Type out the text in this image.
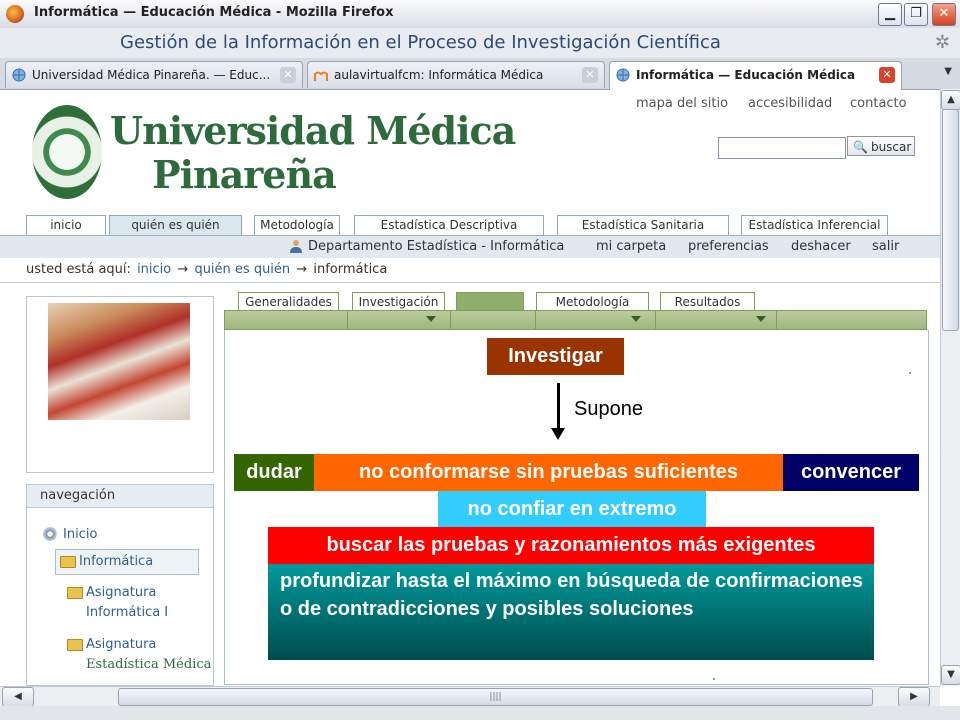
Informática — Educación Médica - Mozilla Firefox	▁	❐	✕
Gestión de la Información en el Proceso de Investigación Científica	✲
Universidad Médica Pinareña. — Educ...	✕	aulavirtualfcm: Informática Médica	✕	Informática — Educación Médica	✕	▼
mapa del sitio accesibilidad contacto
🔍 buscar
Universidad Médica
Pinareña
inicio	quién es quién	Metodología	Estadística Descriptiva	Estadística Sanitaria	Estadística Inferencial
Departamento Estadística - Informática mi carpeta preferencias deshacer salir
usted está aquí: inicio → quién es quién → informática
navegación
Inicio
Informática
Asignatura
Informática I
Asignatura
Estadística Médica
Generalidades	Investigación	Metodología	Resultados
Investigar
Supone
dudar	no conformarse sin pruebas suficientes	convencer
no confiar en extremo
buscar las pruebas y razonamientos más exigentes
profundizar hasta el máximo en búsqueda de confirmaciones o de contradicciones y posibles soluciones
▲
▼
◀	||||	▶
